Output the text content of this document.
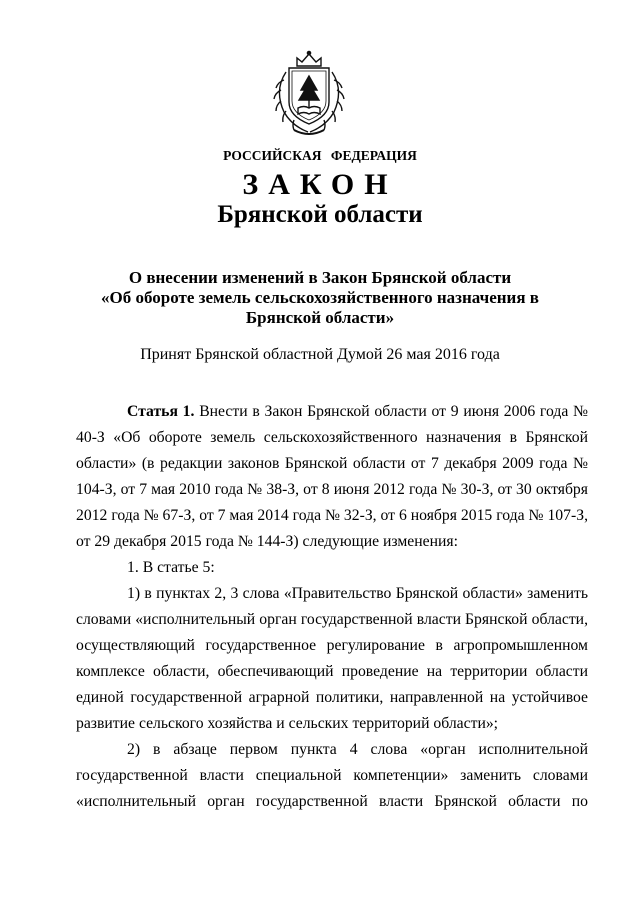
РОССИЙСКАЯ ФЕДЕРАЦИЯ
ЗАКОН
Брянской области
О внесении изменений в Закон Брянской области
«Об обороте земель сельскохозяйственного назначения в
Брянской области»
Принят Брянской областной Думой 26 мая 2016 года

Статья 1. Внести в Закон Брянской области от 9 июня 2006 года № 40-З «Об обороте земель сельскохозяйственного назначения в Брянской области» (в редакции законов Брянской области от 7 декабря 2009 года № 104-З, от 7 мая 2010 года № 38-З, от 8 июня 2012 года № 30-З, от 30 октября 2012 года № 67-З, от 7 мая 2014 года № 32-З, от 6 ноября 2015 года № 107-З, от 29 декабря 2015 года № 144-З) следующие изменения:

1. В статье 5:

1) в пунктах 2, 3 слова «Правительство Брянской области» заменить словами «исполнительный орган государственной власти Брянской области, осуществляющий государственное регулирование в агропромышленном комплексе области, обеспечивающий проведение на территории области единой государственной аграрной политики, направленной на устойчивое развитие сельского хозяйства и сельских территорий области»;

2) в абзаце первом пункта 4 слова «орган исполнительной государственной власти специальной компетенции» заменить словами «исполнительный орган государственной власти Брянской области по
